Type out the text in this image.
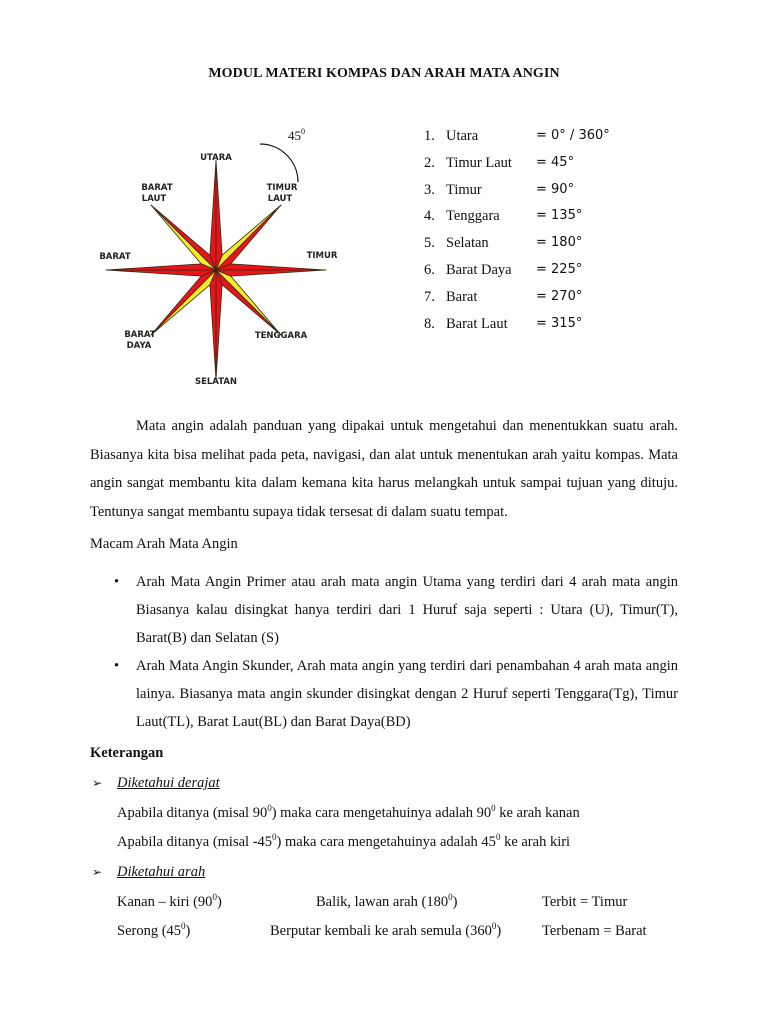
MODUL MATERI KOMPAS DAN ARAH MATA ANGIN
$45^0$
UTARA
TIMUR
LAUT
TIMUR
TENGGARA
SELATAN
BARAT
DAYA
BARAT
BARAT
LAUT
1. Utara	= 0° / 360°
2. Timur Laut = 45°
3. Timur	= 90°
4. Tenggara	= 135°
5. Selatan	= 180°
6. Barat Daya = 225°
7. Barat	= 270°
8. Barat Laut = 315°

Mata angin adalah panduan yang dipakai untuk mengetahui dan menentukkan suatu arah. Biasanya kita bisa melihat pada peta, navigasi, dan alat untuk menentukan arah yaitu kompas. Mata angin sangat membantu kita dalam kemana kita harus melangkah untuk sampai tujuan yang dituju. Tentunya sangat membantu supaya tidak tersesat di dalam suatu tempat.

Macam Arah Mata Angin
• Arah Mata Angin Primer atau arah mata angin Utama yang terdiri dari 4 arah mata angin Biasanya kalau disingkat hanya terdiri dari 1 Huruf saja seperti : Utara (U), Timur(T), Barat(B) dan Selatan (S)
• Arah Mata Angin Skunder, Arah mata angin yang terdiri dari penambahan 4 arah mata angin lainya. Biasanya mata angin skunder disingkat dengan 2 Huruf seperti Tenggara(Tg), Timur Laut(TL), Barat Laut(BL) dan Barat Daya(BD)
Keterangan
➢ Diketahui derajat
Apabila ditanya (misal $90^0$) maka cara mengetahuinya adalah $90^0$ ke arah kanan
Apabila ditanya (misal $-45^0$) maka cara mengetahuinya adalah $45^0$ ke arah kiri
➢ Diketahui arah
Kanan – kiri $(90^0)$	Balik, lawan arah $(180^0)$	Terbit = Timur
Serong $(45^0)$	Berputar kembali ke arah semula $(360^0)$	Terbenam = Barat
